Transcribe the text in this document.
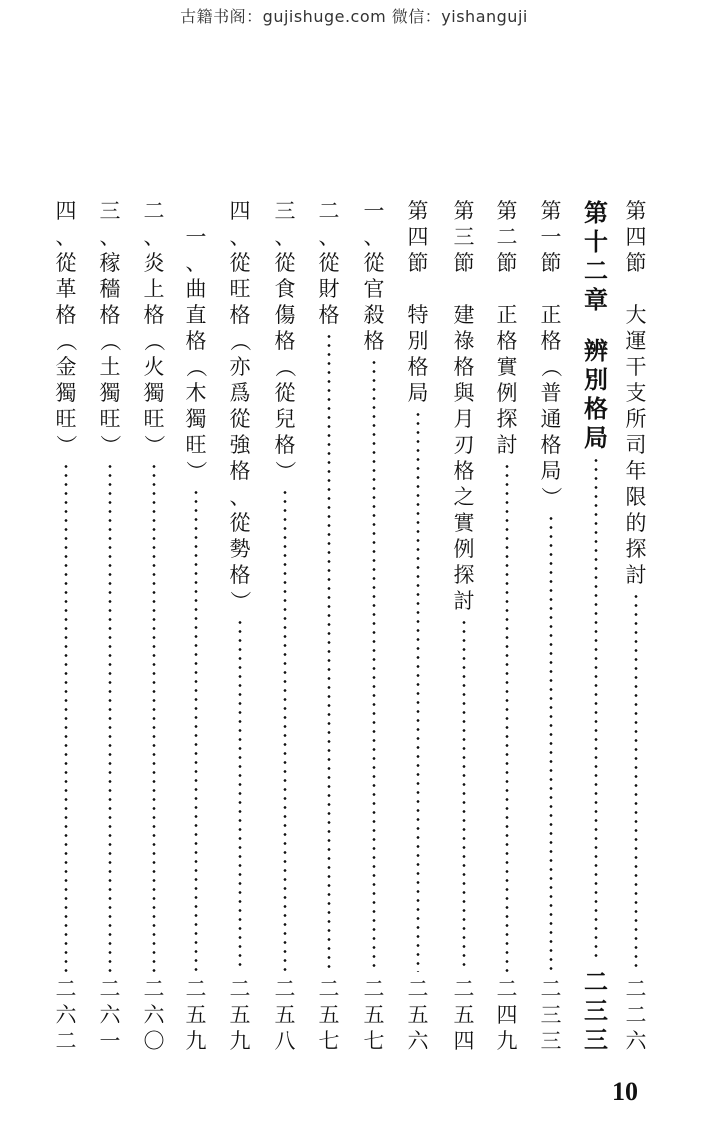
古籍书阁：gujishuge.com 微信：yishanguji
第
四
節
大
運
干
支
所
司
年
限
的
探
討
二
二
六
第
十
二
章
辨
別
格
局
二
三
三
第
一
節
正
格
（
普
通
格
局
）
二
三
三
第
二
節
正
格
實
例
探
討
二
四
九
第
三
節
建
祿
格
與
月
刃
格
之
實
例
探
討
二
五
四
第
四
節
特
別
格
局
二
五
六
一
、
從
官
殺
格
二
五
七
二
、
從
財
格
二
五
七
三
、
從
食
傷
格
（
從
兒
格
）
二
五
八
四
、
從
旺
格
（
亦
爲
從
強
格
、
從
勢
格
）
二
五
九
一
、
曲
直
格
（
木
獨
旺
）
二
五
九
二
、
炎
上
格
（
火
獨
旺
）
二
六
〇
三
、
稼
穡
格
（
土
獨
旺
）
二
六
一
四
、
從
革
格
（
金
獨
旺
）
二
六
二
10
